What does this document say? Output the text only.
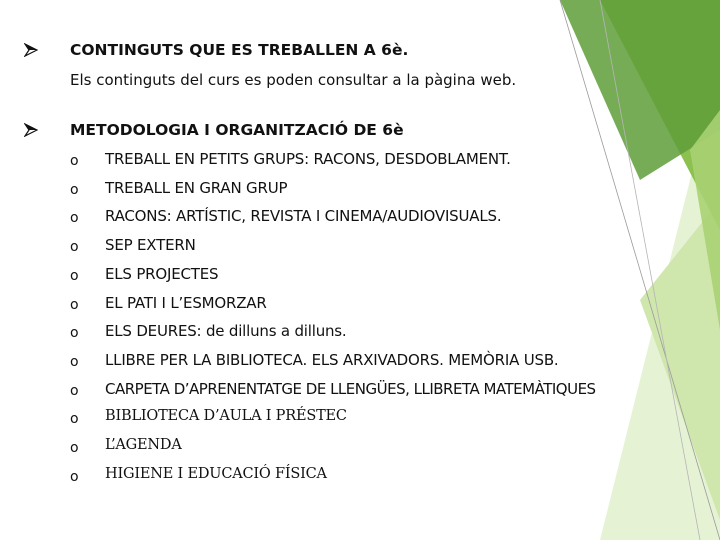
CONTINGUTS QUE ES TREBALLEN A 6è.
Els continguts del curs es poden consultar a la pàgina web.
METODOLOGIA I ORGANITZACIÓ DE 6è
o TREBALL EN PETITS GRUPS: RACONS, DESDOBLAMENT.
o TREBALL EN GRAN GRUP
o RACONS: ARTÍSTIC, REVISTA I CINEMA/AUDIOVISUALS.
o SEP EXTERN
o ELS PROJECTES
o EL PATI I L’ESMORZAR
o ELS DEURES: de dilluns a dilluns.
o LLIBRE PER LA BIBLIOTECA. ELS ARXIVADORS. MEMÒRIA USB.
o CARPETA D’APRENENTATGE DE LLENGÜES, LLIBRETA MATEMÀTIQUES
o BIBLIOTECA D’AULA I PRÉSTEC
o L’AGENDA
o HIGIENE I EDUCACIÓ FÍSICA
